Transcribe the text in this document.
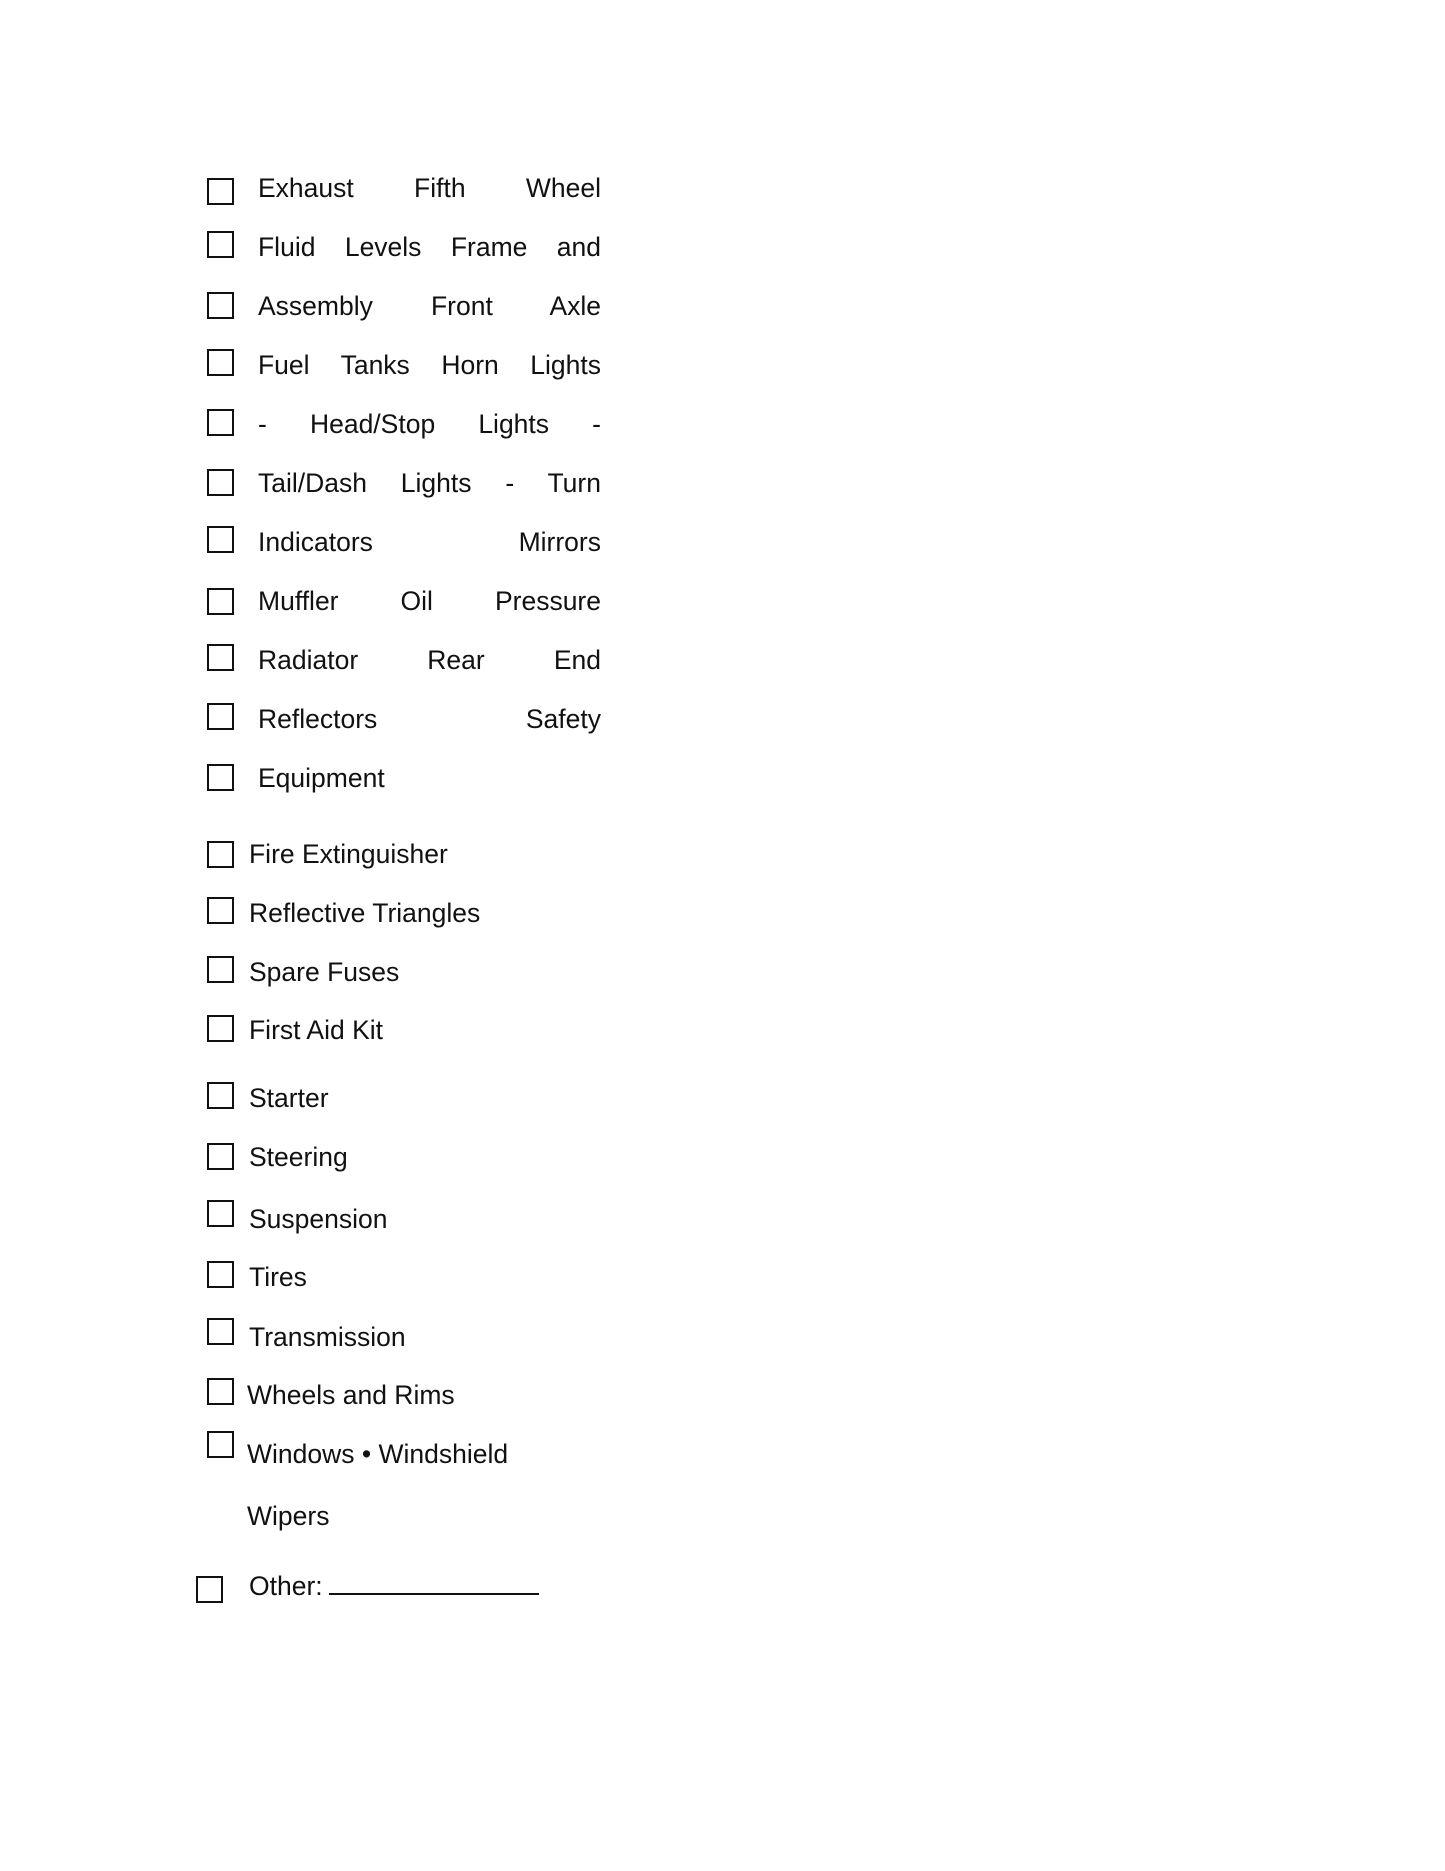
Exhaust Fifth Wheel
Fluid Levels Frame and
Assembly Front Axle
Fuel Tanks Horn Lights
- Head/Stop Lights -
Tail/Dash Lights - Turn
Indicators Mirrors
Muffler Oil Pressure
Radiator Rear End
Reflectors Safety
Equipment
Fire Extinguisher
Reflective Triangles
Spare Fuses
First Aid Kit
Starter
Steering
Suspension
Tires
Transmission
Wheels and Rims
Windows • Windshield
Wipers
Other:
